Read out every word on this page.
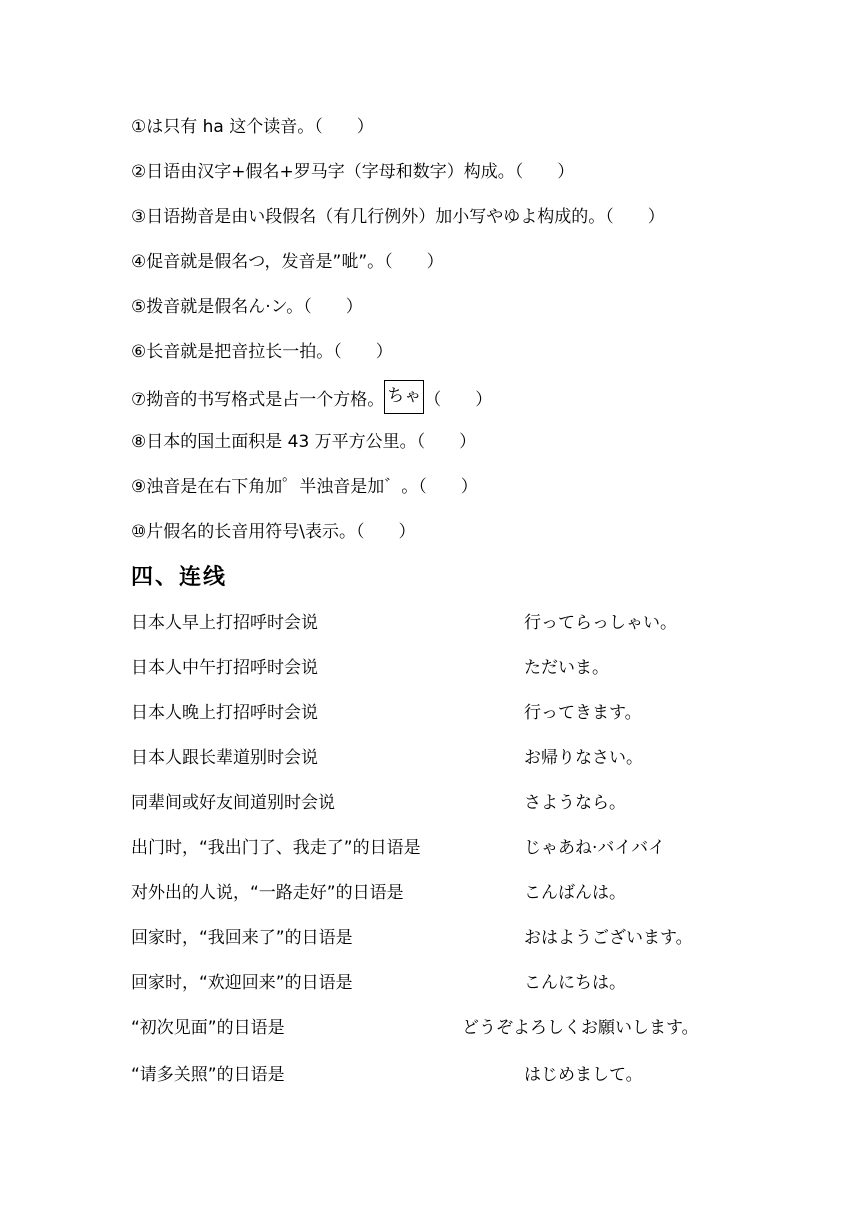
①は只有 ha 这个读音。（　　）
②日语由汉字+假名+罗马字（字母和数字）构成。（　　）
③日语拗音是由い段假名（有几行例外）加小写やゆよ构成的。（　　）
④促音就是假名つ，发音是”呲”。（　　）
⑤拨音就是假名ん·ン。（　　）
⑥长音就是把音拉长一拍。（　　）
⑦拗音的书写格式是占一个方格。 ちゃ （　　）
⑧日本的国土面积是 43 万平方公里。（　　）
⑨浊音是在右下角加゜半浊音是加゛。（　　）
⑩片假名的长音用符号\表示。（　　）
四、连线
日本人早上打招呼时会说
日本人中午打招呼时会说
日本人晚上打招呼时会说
日本人跟长辈道别时会说
同辈间或好友间道别时会说
出门时，“我出门了、我走了”的日语是
对外出的人说，“一路走好”的日语是
回家时，“我回来了”的日语是
回家时，“欢迎回来”的日语是
“初次见面”的日语是
“请多关照”的日语是
行ってらっしゃい。
ただいま。
行ってきます。
お帰りなさい。
さようなら。
じゃあね·バイバイ
こんばんは。
おはようございます。
こんにちは。
どうぞよろしくお願いします。
はじめまして。
